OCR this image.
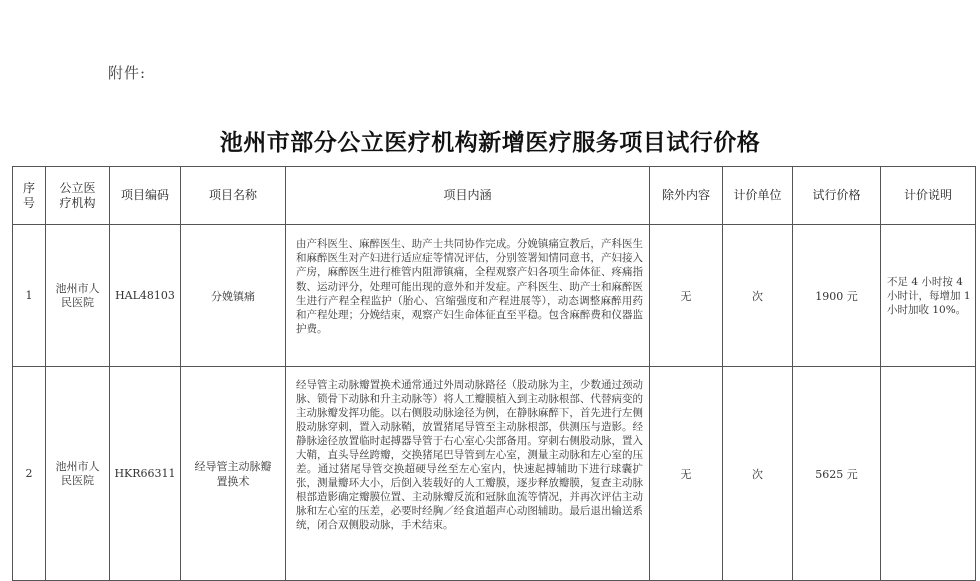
附件:
池州市部分公立医疗机构新增医疗服务项目试行价格
序号	公立医疗机构	项目编码	项目名称	项目内涵	除外内容	计价单位	试行价格	计价说明
1	池州市人民医院	HAL48103	分娩镇痛	由产科医生、麻醉医生、助产士共同协作完成。分娩镇痛宣教后，产科医生和麻醉医生对产妇进行适应症等情况评估，分别签署知情同意书，产妇接入产房，麻醉医生进行椎管内阻滞镇痛，全程观察产妇各项生命体征、疼痛指数、运动评分，处理可能出现的意外和并发症。产科医生、助产士和麻醉医生进行产程全程监护（胎心、宫缩强度和产程进展等），动态调整麻醉用药和产程处理；分娩结束，观察产妇生命体征直至平稳。包含麻醉费和仪器监护费。	无	次	1900 元	不足 4 小时按 4 小时计，每增加 1 小时加收 10%。
2	池州市人民医院	HKR66311	经导管主动脉瓣置换术	经导管主动脉瓣置换术通常通过外周动脉路径（股动脉为主，少数通过颈动脉、锁骨下动脉和升主动脉等）将人工瓣膜植入到主动脉根部、代替病变的主动脉瓣发挥功能。以右侧股动脉途径为例，在静脉麻醉下，首先进行左侧股动脉穿刺，置入动脉鞘，放置猪尾导管至主动脉根部，供测压与造影。经静脉途径放置临时起搏器导管于右心室心尖部备用。穿刺右侧股动脉，置入大鞘，直头导丝跨瓣，交换猪尾巴导管到左心室，测量主动脉和左心室的压差。通过猪尾导管交换超硬导丝至左心室内，快速起搏辅助下进行球囊扩张，测量瓣环大小，后倒入装载好的人工瓣膜，逐步释放瓣膜，复查主动脉根部造影确定瓣膜位置、主动脉瓣反流和冠脉血流等情况，并再次评估主动脉和左心室的压差，必要时经胸／经食道超声心动图辅助。最后退出输送系统，闭合双侧股动脉，手术结束。	无	次	5625 元	
